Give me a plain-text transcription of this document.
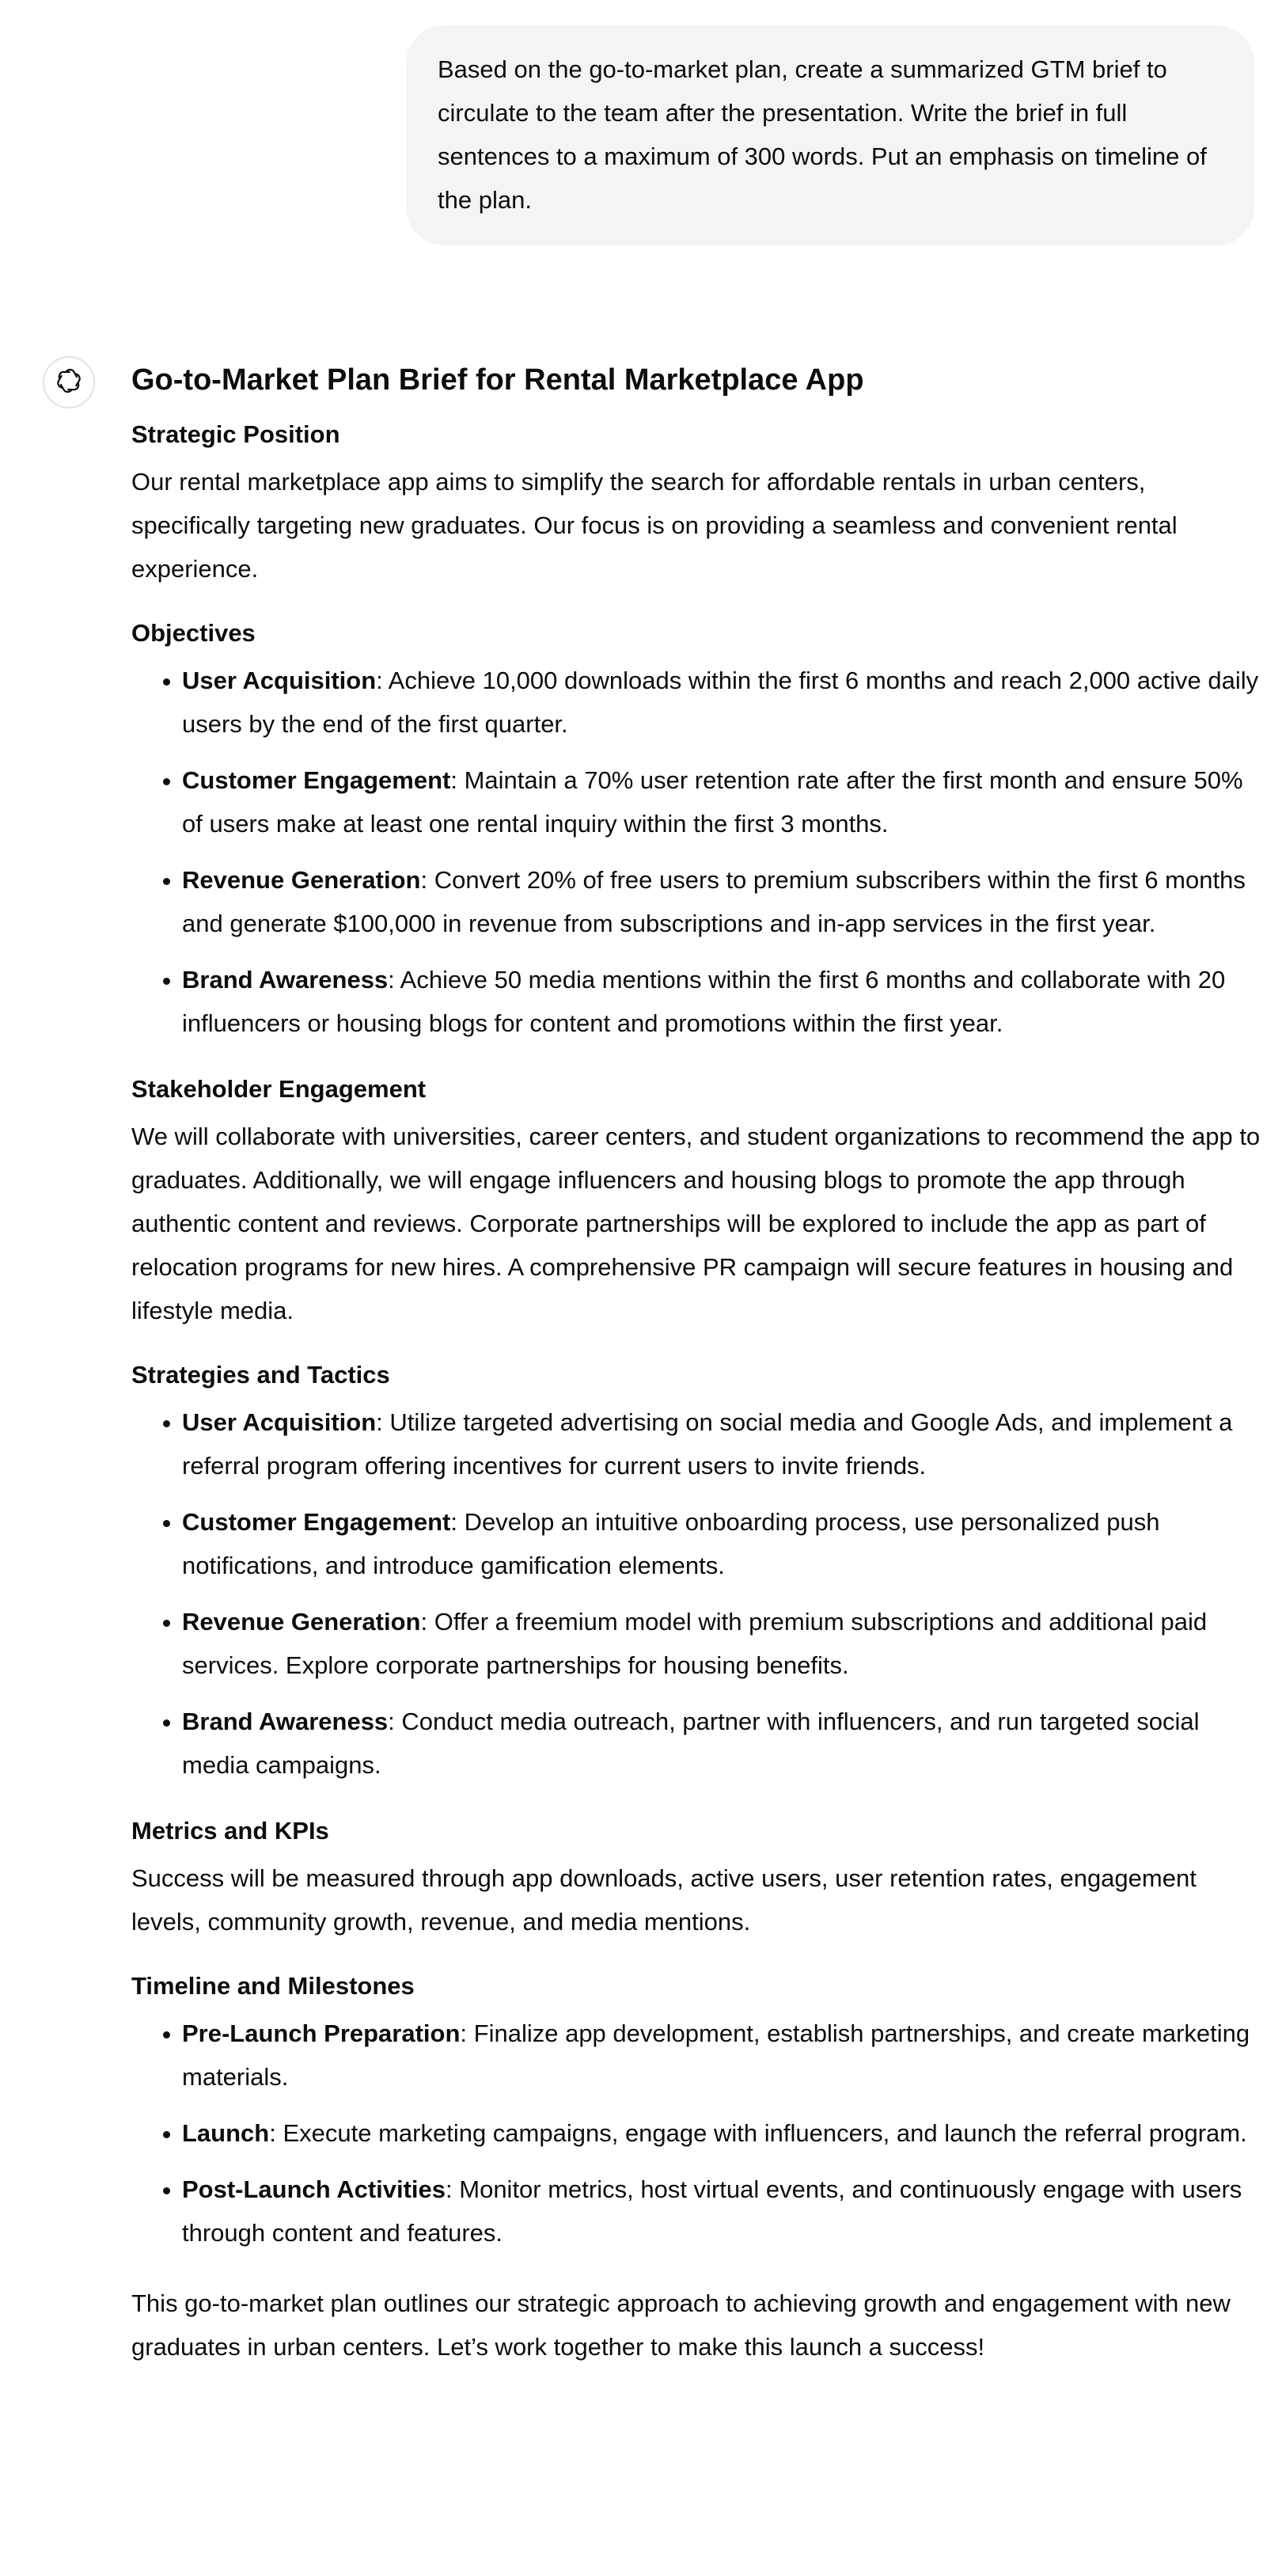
Based on the go-to-market plan, create a summarized GTM brief to circulate to the team after the presentation. Write the brief in full sentences to a maximum of 300 words. Put an emphasis on timeline of the plan.
Go-to-Market Plan Brief for Rental Marketplace App
Strategic Position

Our rental marketplace app aims to simplify the search for affordable rentals in urban centers, specifically targeting new graduates. Our focus is on providing a seamless and convenient rental experience.

Objectives
• User Acquisition: Achieve 10,000 downloads within the first 6 months and reach 2,000 active daily users by the end of the first quarter.
• Customer Engagement: Maintain a 70% user retention rate after the first month and ensure 50% of users make at least one rental inquiry within the first 3 months.
• Revenue Generation: Convert 20% of free users to premium subscribers within the first 6 months and generate $100,000 in revenue from subscriptions and in-app services in the first year.
• Brand Awareness: Achieve 50 media mentions within the first 6 months and collaborate with 20 influencers or housing blogs for content and promotions within the first year.
Stakeholder Engagement

We will collaborate with universities, career centers, and student organizations to recommend the app to graduates. Additionally, we will engage influencers and housing blogs to promote the app through authentic content and reviews. Corporate partnerships will be explored to include the app as part of relocation programs for new hires. A comprehensive PR campaign will secure features in housing and lifestyle media.

Strategies and Tactics
• User Acquisition: Utilize targeted advertising on social media and Google Ads, and implement a referral program offering incentives for current users to invite friends.
• Customer Engagement: Develop an intuitive onboarding process, use personalized push notifications, and introduce gamification elements.
• Revenue Generation: Offer a freemium model with premium subscriptions and additional paid services. Explore corporate partnerships for housing benefits.
• Brand Awareness: Conduct media outreach, partner with influencers, and run targeted social media campaigns.
Metrics and KPIs

Success will be measured through app downloads, active users, user retention rates, engagement levels, community growth, revenue, and media mentions.

Timeline and Milestones
• Pre-Launch Preparation: Finalize app development, establish partnerships, and create marketing materials.
• Launch: Execute marketing campaigns, engage with influencers, and launch the referral program.
• Post-Launch Activities: Monitor metrics, host virtual events, and continuously engage with users through content and features.

This go-to-market plan outlines our strategic approach to achieving growth and engagement with new graduates in urban centers. Let’s work together to make this launch a success!
